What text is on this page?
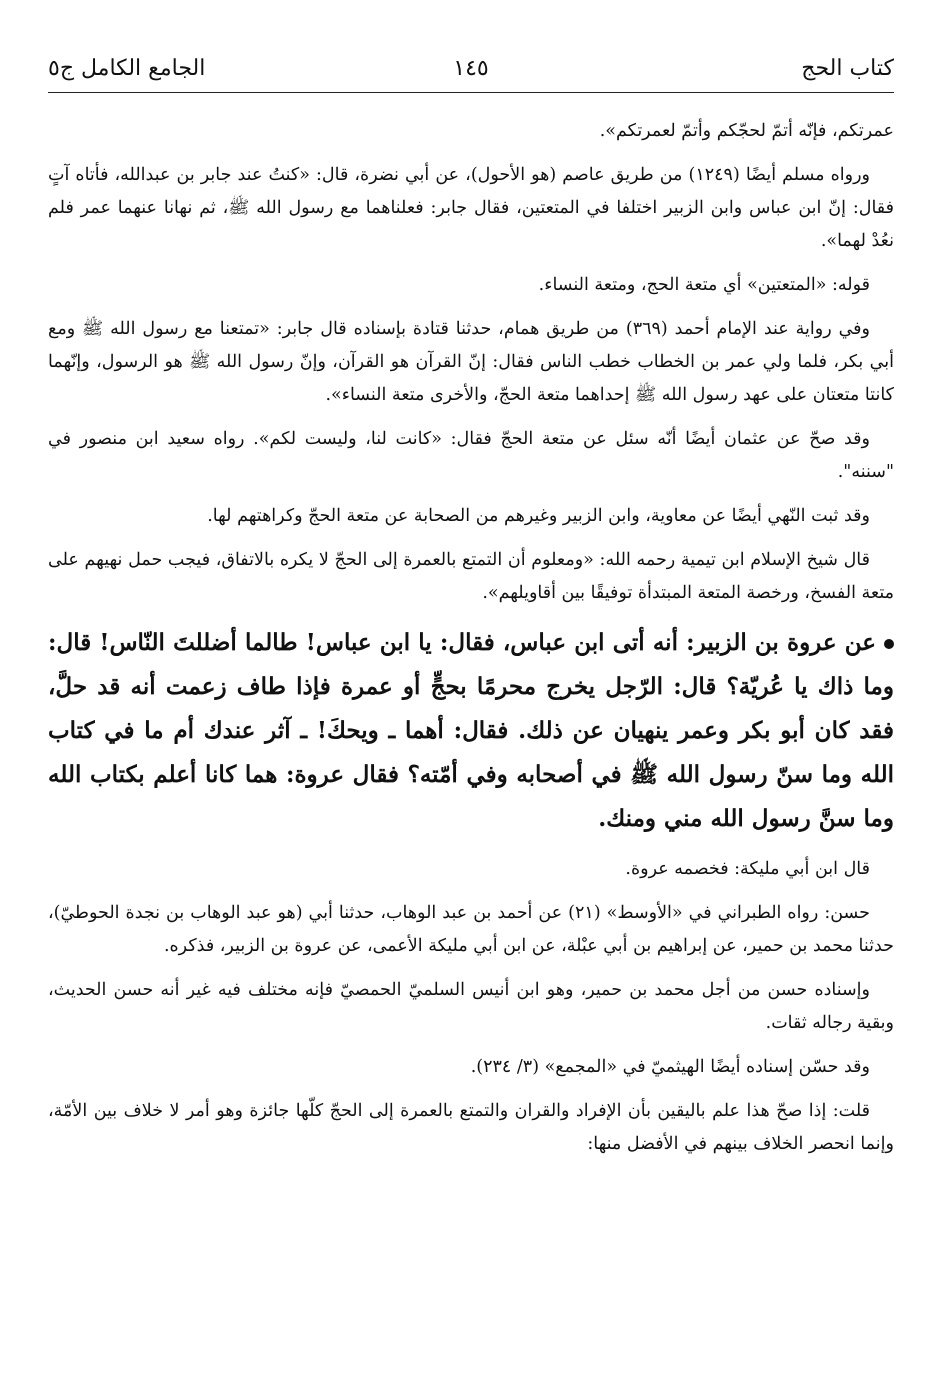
كتاب الحج
١٤٥
الجامع الكامل ج٥

عمرتكم، فإنّه أتمّ لحجّكم وأتمّ لعمرتكم».

ورواه مسلم أيضًا (١٢٤٩) من طريق عاصم (هو الأحول)، عن أبي نضرة، قال: «كنتُ عند جابر بن عبدالله، فأتاه آتٍ فقال: إنّ ابن عباس وابن الزبير اختلفا في المتعتين، فقال جابر: فعلناهما مع رسول الله ﷺ، ثم نهانا عنهما عمر فلم نعُدْ لهما».

قوله: «المتعتين» أي متعة الحج، ومتعة النساء.

وفي رواية عند الإمام أحمد (٣٦٩) من طريق همام، حدثنا قتادة بإسناده قال جابر: «تمتعنا مع رسول الله ﷺ ومع أبي بكر، فلما ولي عمر بن الخطاب خطب الناس فقال: إنّ القرآن هو القرآن، وإنّ رسول الله ﷺ هو الرسول، وإنّهما كانتا متعتان على عهد رسول الله ﷺ إحداهما متعة الحجّ، والأخرى متعة النساء».

وقد صحّ عن عثمان أيضًا أنّه سئل عن متعة الحجّ فقال: «كانت لنا، وليست لكم». رواه سعيد ابن منصور في "سننه".

وقد ثبت النّهي أيضًا عن معاوية، وابن الزبير وغيرهم من الصحابة عن متعة الحجّ وكراهتهم لها.

قال شيخ الإسلام ابن تيمية رحمه الله: «ومعلوم أن التمتع بالعمرة إلى الحجّ لا يكره بالاتفاق، فيجب حمل نهيهم على متعة الفسخ، ورخصة المتعة المبتدأة توفيقًا بين أقاويلهم».

عن عروة بن الزبير: أنه أتى ابن عباس، فقال: يا ابن عباس! طالما أضللتَ النّاس! قال: وما ذاك يا عُريّة؟ قال: الرّجل يخرج محرمًا بحجٍّ أو عمرة فإذا طاف زعمت أنه قد حلَّ، فقد كان أبو بكر وعمر ينهيان عن ذلك. فقال: أهما ـ ويحكَ! ـ آثر عندك أم ما في كتاب الله وما سنّ رسول الله ﷺ في أصحابه وفي أمّته؟ فقال عروة: هما كانا أعلم بكتاب الله وما سنَّ رسول الله مني ومنك.

قال ابن أبي مليكة: فخصمه عروة.

حسن: رواه الطبراني في «الأوسط» (٢١) عن أحمد بن عبد الوهاب، حدثنا أبي (هو عبد الوهاب بن نجدة الحوطيّ)، حدثنا محمد بن حمير، عن إبراهيم بن أبي عبْلة، عن ابن أبي مليكة الأعمى، عن عروة بن الزبير، فذكره.

وإسناده حسن من أجل محمد بن حمير، وهو ابن أنيس السلميّ الحمصيّ فإنه مختلف فيه غير أنه حسن الحديث، وبقية رجاله ثقات.

وقد حسّن إسناده أيضًا الهيثميّ في «المجمع» (٣/ ٢٣٤).

قلت: إذا صحّ هذا علم باليقين بأن الإفراد والقران والتمتع بالعمرة إلى الحجّ كلّها جائزة وهو أمر لا خلاف بين الأمّة، وإنما انحصر الخلاف بينهم في الأفضل منها:
